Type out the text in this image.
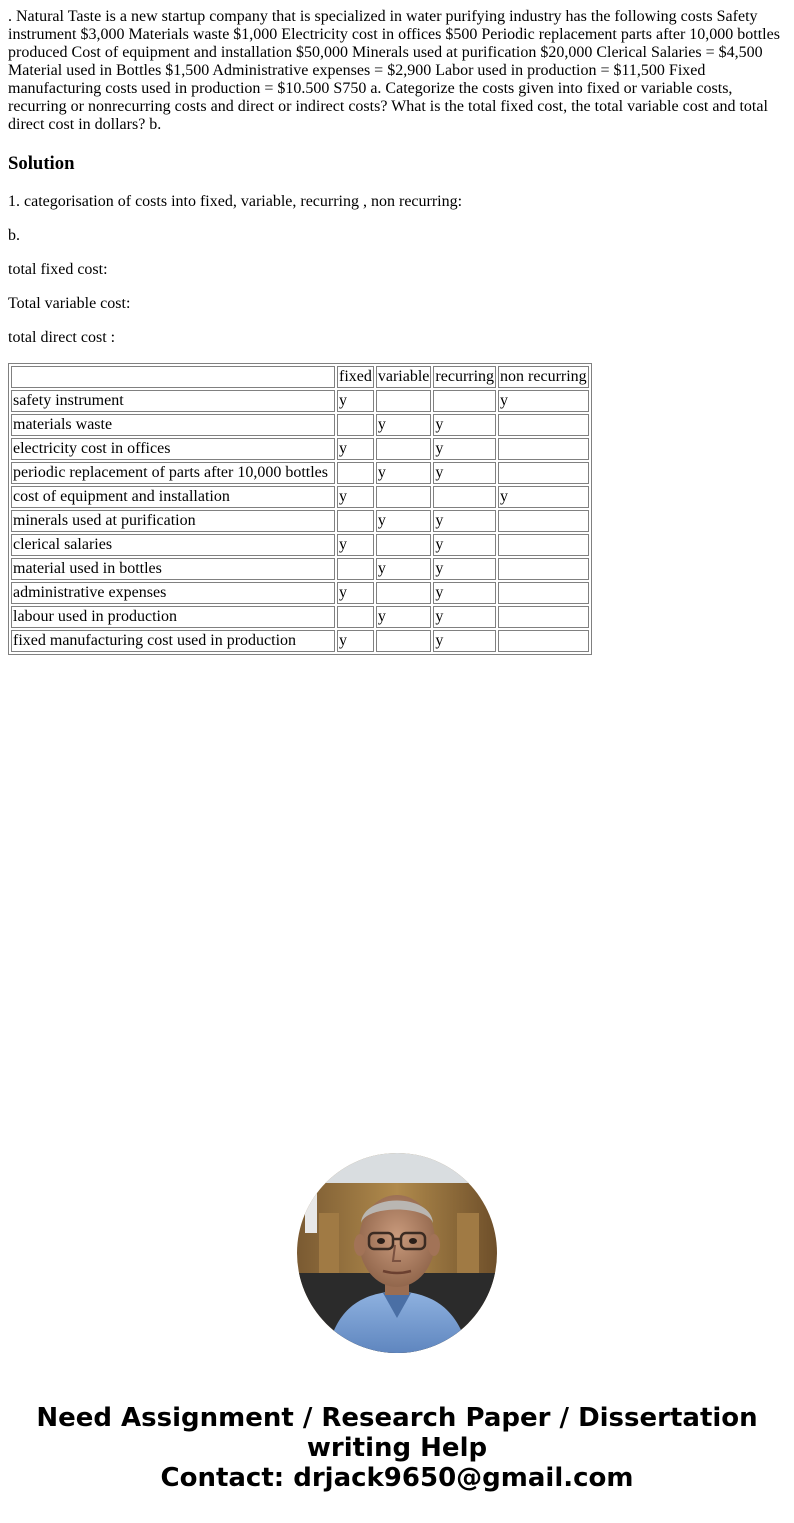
. Natural Taste is a new startup company that is specialized in water purifying industry has the following costs Safety instrument $3,000 Materials waste $1,000 Electricity cost in offices $500 Periodic replacement parts after 10,000 bottles produced Cost of equipment and installation $50,000 Minerals used at purification $20,000 Clerical Salaries = $4,500 Material used in Bottles $1,500 Administrative expenses = $2,900 Labor used in production = $11,500 Fixed manufacturing costs used in production = $10.500 S750 a. Categorize the costs given into fixed or variable costs, recurring or nonrecurring costs and direct or indirect costs? What is the total fixed cost, the total variable cost and total direct cost in dollars? b.
Solution

1. categorisation of costs into fixed, variable, recurring , non recurring:

b.

total fixed cost:

Total variable cost:

total direct cost :

	fixed	variable	recurring	non recurring
safety instrument	y			y
materials waste		y	y	
electricity cost in offices	y		y	
periodic replacement of parts after 10,000 bottles		y	y	
cost of equipment and installation	y			y
minerals used at purification		y	y	
clerical salaries	y		y	
material used in bottles		y	y	
administrative expenses	y		y	
labour used in production		y	y	
fixed manufacturing cost used in production	y		y	
Need Assignment / Research Paper / Dissertation
writing Help
Contact: drjack9650@gmail.com
